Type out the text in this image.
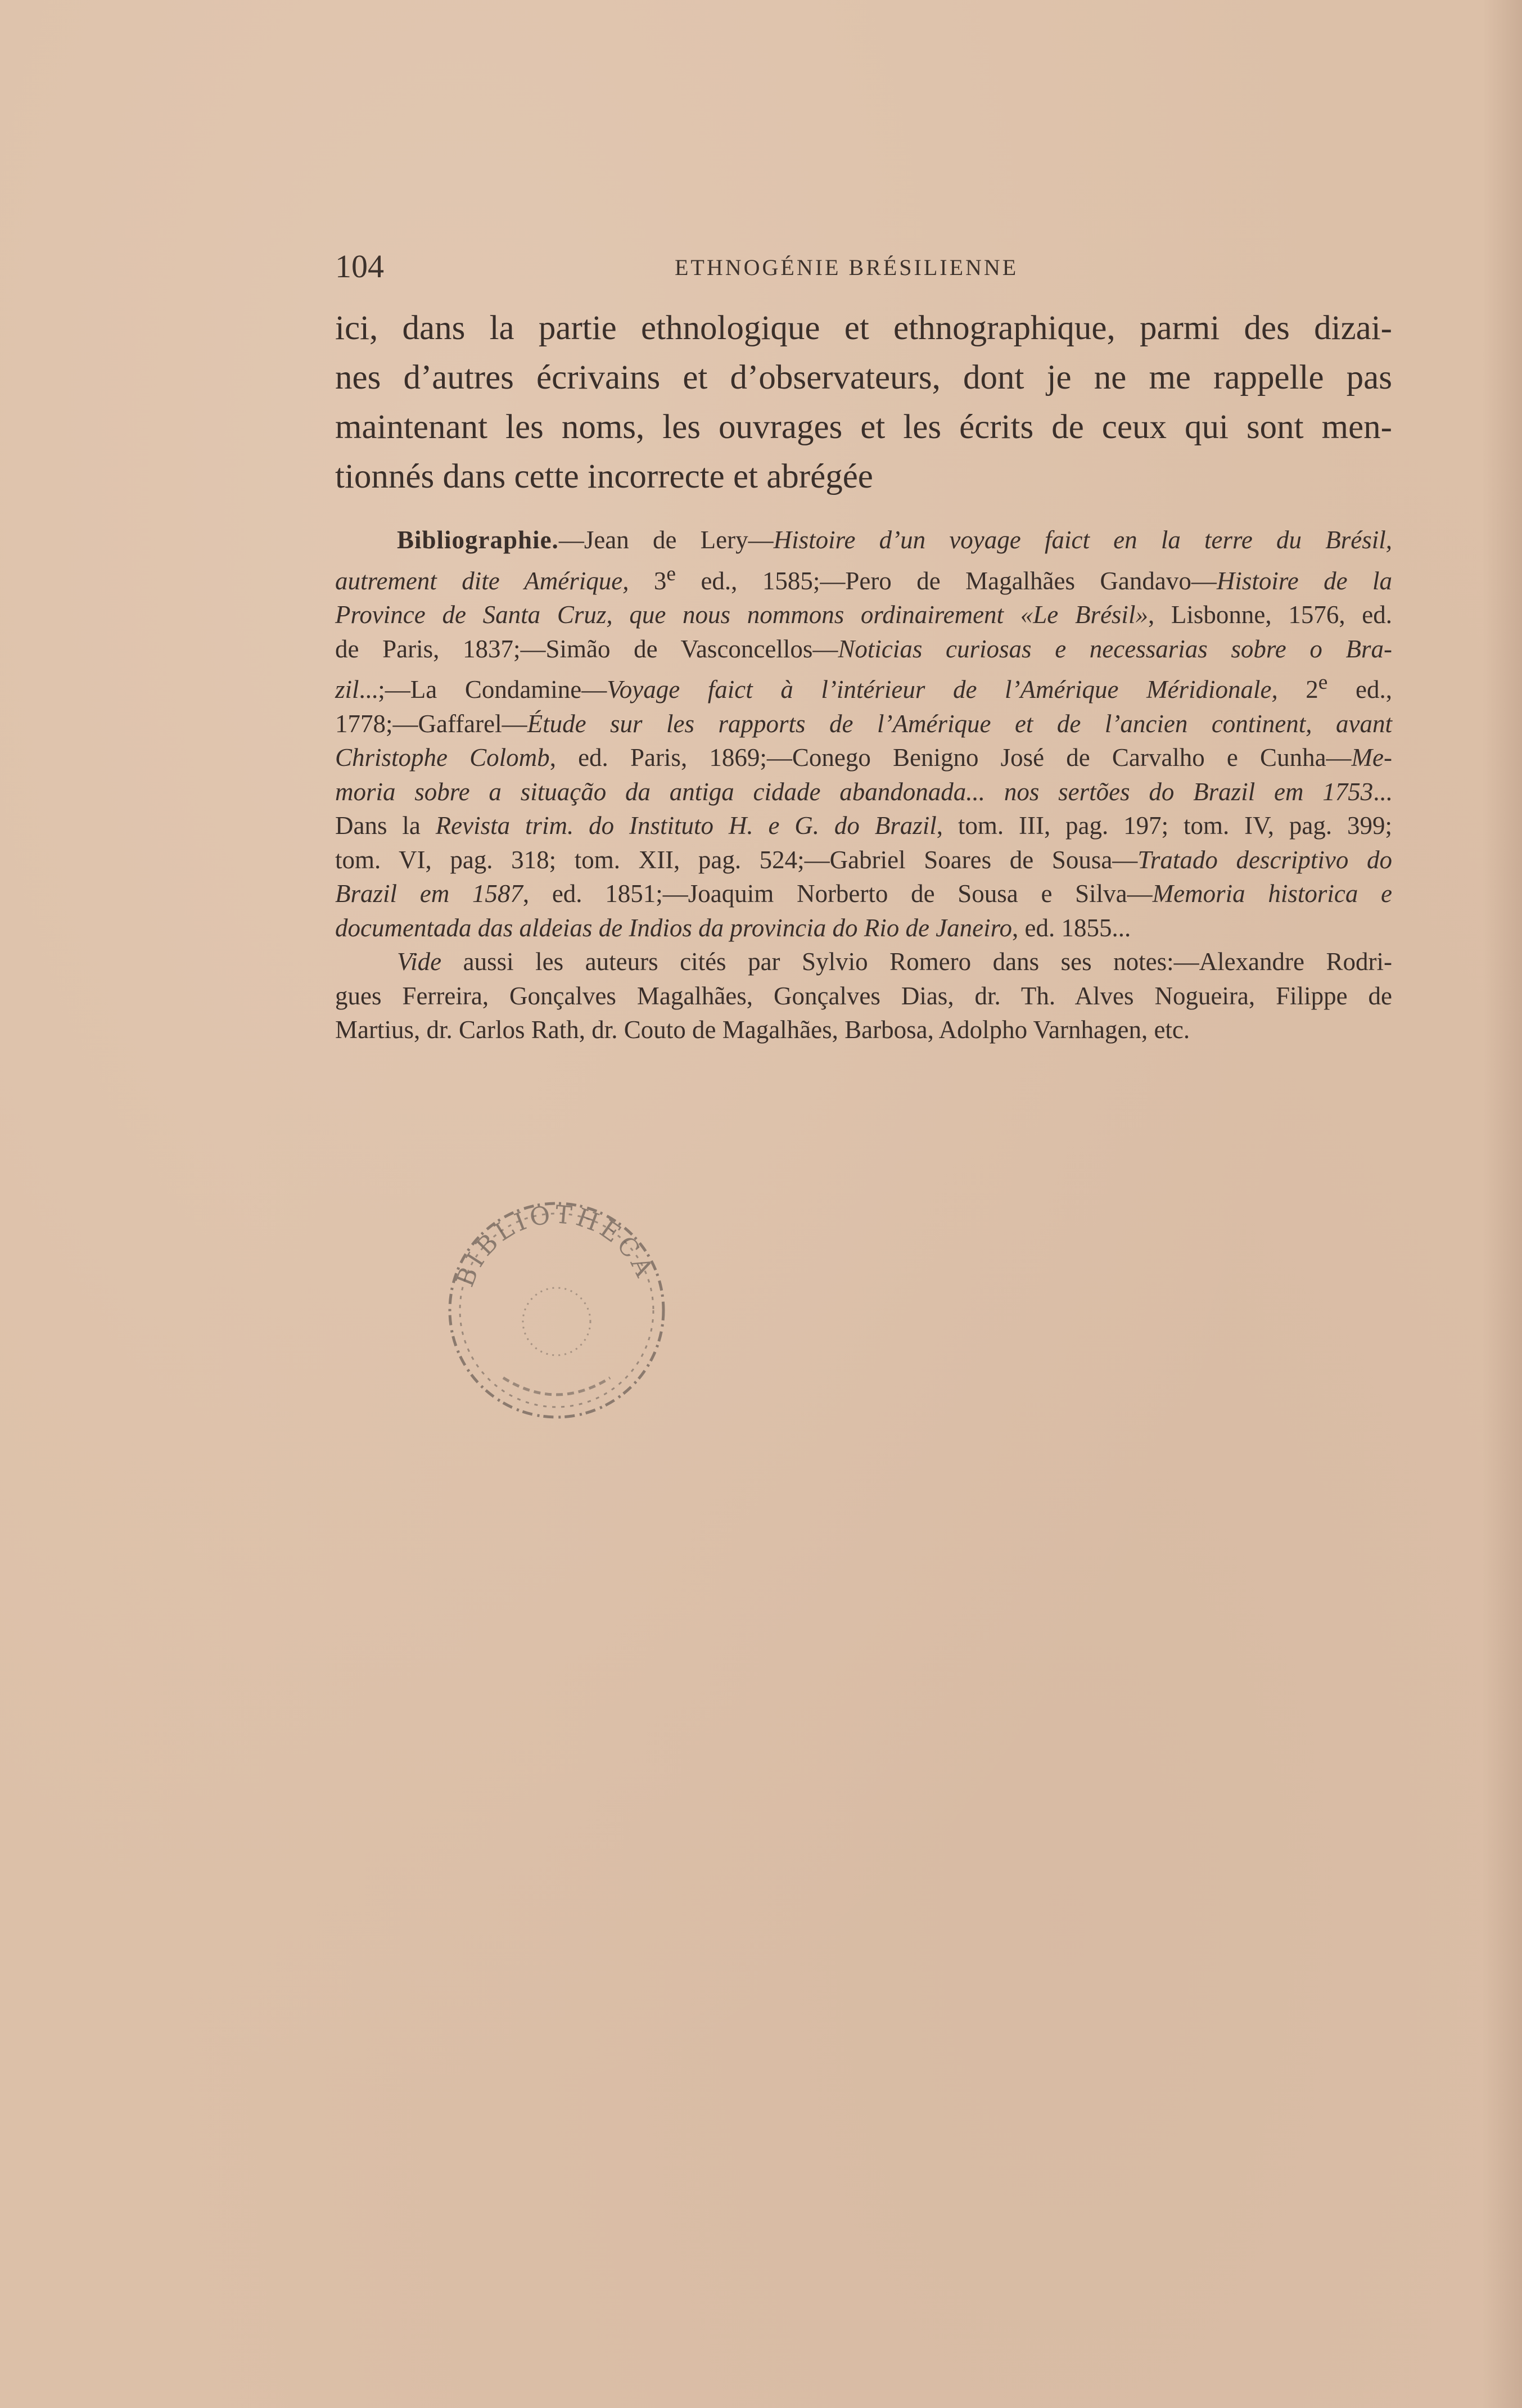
104	ETHNOGÉNIE BRÉSILIENNE
ici, dans la partie ethnologique et ethnographique, parmi des dizai-
nes d’autres écrivains et d’observateurs, dont je ne me rappelle pas
maintenant les noms, les ouvrages et les écrits de ceux qui sont men-
tionnés dans cette incorrecte et abrégée
Bibliographie.—Jean de Lery—Histoire d’un voyage faict en la terre du Brésil,
autrement dite Amérique, 3e ed., 1585;—Pero de Magalhães Gandavo—Histoire de la
Province de Santa Cruz, que nous nommons ordinairement «Le Brésil», Lisbonne, 1576, ed.
de Paris, 1837;—Simão de Vasconcellos—Noticias curiosas e necessarias sobre o Bra-
zil...;—La Condamine—Voyage faict à l’intérieur de l’Amérique Méridionale, 2e ed.,
1778;—Gaffarel—Étude sur les rapports de l’Amérique et de l’ancien continent, avant
Christophe Colomb, ed. Paris, 1869;—Conego Benigno José de Carvalho e Cunha—Me-
moria sobre a situação da antiga cidade abandonada... nos sertões do Brazil em 1753...
Dans la Revista trim. do Instituto H. e G. do Brazil, tom. III, pag. 197; tom. IV, pag. 399;
tom. VI, pag. 318; tom. XII, pag. 524;—Gabriel Soares de Sousa—Tratado descriptivo do
Brazil em 1587, ed. 1851;—Joaquim Norberto de Sousa e Silva—Memoria historica e
documentada das aldeias de Indios da provincia do Rio de Janeiro, ed. 1855...
Vide aussi les auteurs cités par Sylvio Romero dans ses notes:—Alexandre Rodri-
gues Ferreira, Gonçalves Magalhães, Gonçalves Dias, dr. Th. Alves Nogueira, Filippe de
Martius, dr. Carlos Rath, dr. Couto de Magalhães, Barbosa, Adolpho Varnhagen, etc.
BIBLIOTHECA
